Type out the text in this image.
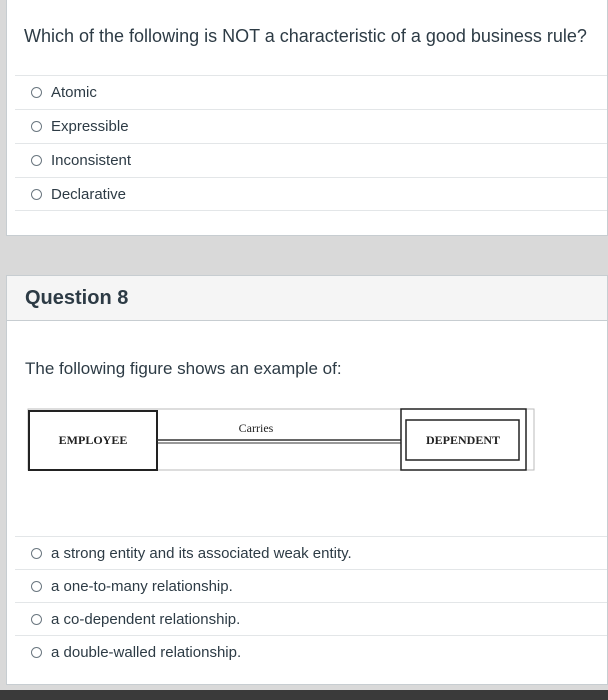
Which of the following is NOT a characteristic of a good business rule?
Atomic
Expressible
Inconsistent
Declarative
Question 8
The following figure shows an example of:
EMPLOYEE
Carries
DEPENDENT
a strong entity and its associated weak entity.
a one-to-many relationship.
a co-dependent relationship.
a double-walled relationship.
